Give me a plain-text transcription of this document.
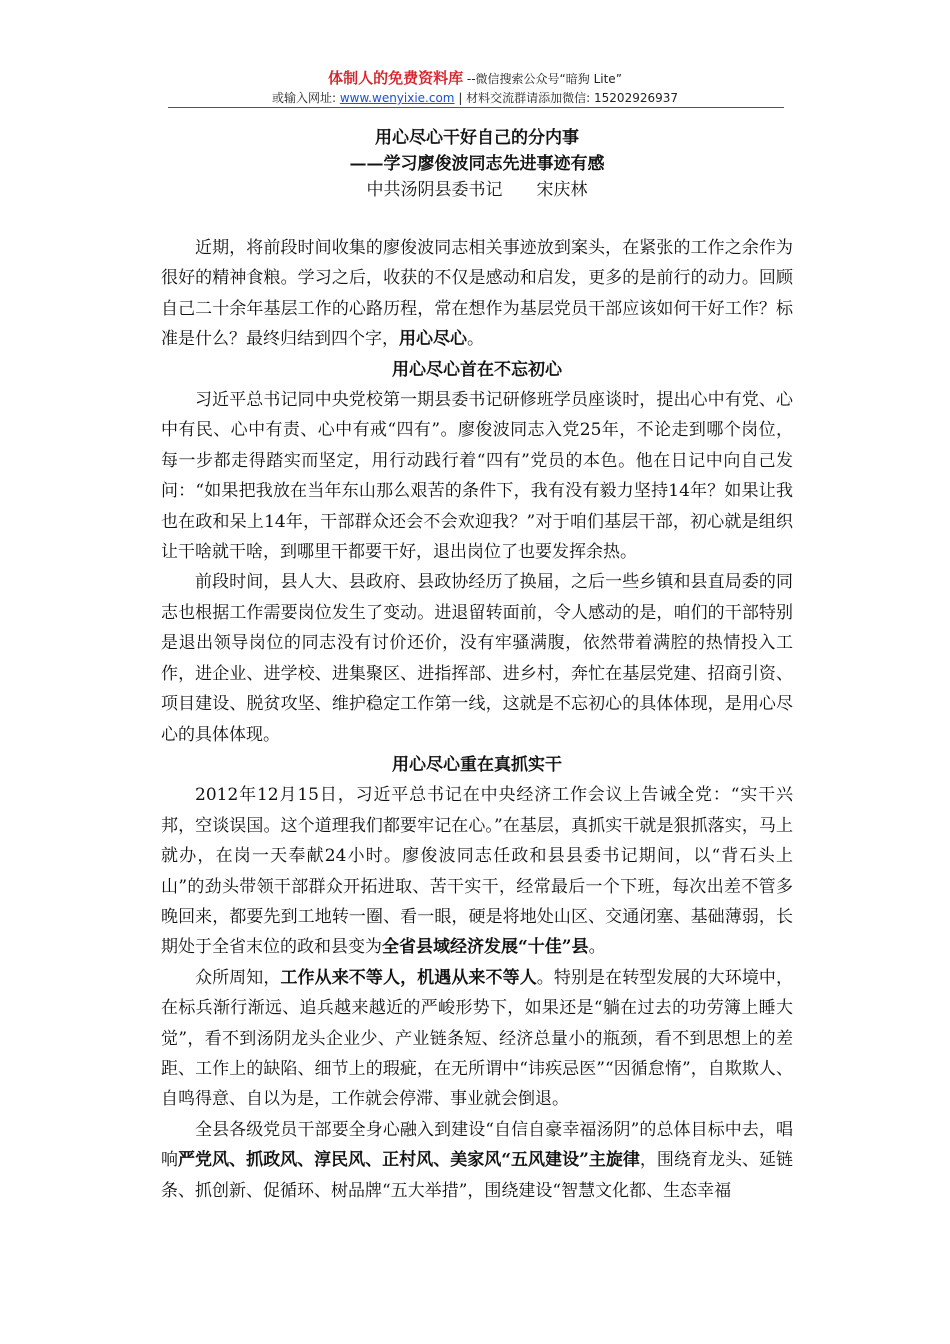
体制人的免费资料库 --微信搜索公众号“暗狗 Lite”
或输入网址: www.wenyixie.com | 材料交流群请添加微信: 15202926937

用心尽心干好自己的分内事

——学习廖俊波同志先进事迹有感

中共汤阴县委书记 宋庆林

近期，将前段时间收集的廖俊波同志相关事迹放到案头，在紧张的工作之余作为很好的精神食粮。学习之后，收获的不仅是感动和启发，更多的是前行的动力。回顾自己二十余年基层工作的心路历程，常在想作为基层党员干部应该如何干好工作？标准是什么？最终归结到四个字，用心尽心。

用心尽心首在不忘初心

习近平总书记同中央党校第一期县委书记研修班学员座谈时，提出心中有党、心中有民、心中有责、心中有戒“四有”。廖俊波同志入党25年，不论走到哪个岗位，每一步都走得踏实而坚定，用行动践行着“四有”党员的本色。他在日记中向自己发问：“如果把我放在当年东山那么艰苦的条件下，我有没有毅力坚持14年？如果让我也在政和呆上14年，干部群众还会不会欢迎我？”对于咱们基层干部，初心就是组织让干啥就干啥，到哪里干都要干好，退出岗位了也要发挥余热。

前段时间，县人大、县政府、县政协经历了换届，之后一些乡镇和县直局委的同志也根据工作需要岗位发生了变动。进退留转面前，令人感动的是，咱们的干部特别是退出领导岗位的同志没有讨价还价，没有牢骚满腹，依然带着满腔的热情投入工作，进企业、进学校、进集聚区、进指挥部、进乡村，奔忙在基层党建、招商引资、项目建设、脱贫攻坚、维护稳定工作第一线，这就是不忘初心的具体体现，是用心尽心的具体体现。

用心尽心重在真抓实干

2012年12月15日，习近平总书记在中央经济工作会议上告诫全党：“实干兴邦，空谈误国。这个道理我们都要牢记在心。”在基层，真抓实干就是狠抓落实，马上就办，在岗一天奉献24小时。廖俊波同志任政和县县委书记期间，以“背石头上山”的劲头带领干部群众开拓进取、苦干实干，经常最后一个下班，每次出差不管多晚回来，都要先到工地转一圈、看一眼，硬是将地处山区、交通闭塞、基础薄弱，长期处于全省末位的政和县变为全省县域经济发展“十佳”县。

众所周知，工作从来不等人，机遇从来不等人。特别是在转型发展的大环境中，在标兵渐行渐远、追兵越来越近的严峻形势下，如果还是“躺在过去的功劳簿上睡大觉”，看不到汤阴龙头企业少、产业链条短、经济总量小的瓶颈，看不到思想上的差距、工作上的缺陷、细节上的瑕疵，在无所谓中“讳疾忌医”“因循怠惰”，自欺欺人、自鸣得意、自以为是，工作就会停滞、事业就会倒退。

全县各级党员干部要全身心融入到建设“自信自豪幸福汤阴”的总体目标中去，唱响严党风、抓政风、淳民风、正村风、美家风“五风建设”主旋律，围绕育龙头、延链条、抓创新、促循环、树品牌“五大举措”，围绕建设“智慧文化都、生态幸福
